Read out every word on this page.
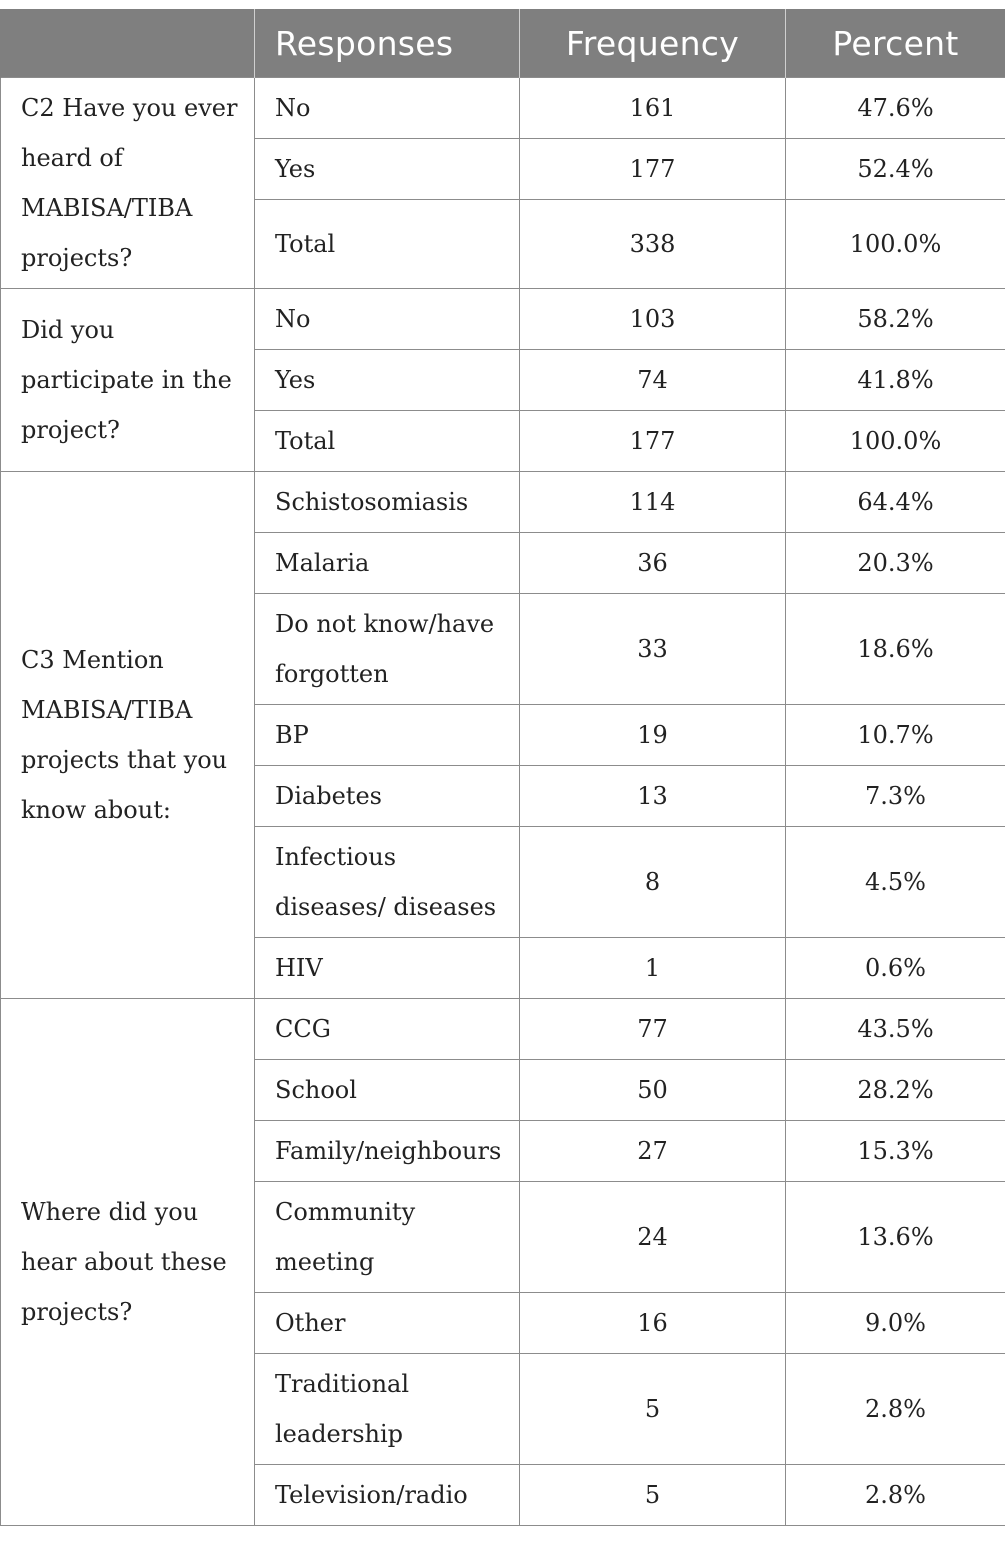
	Responses	Frequency	Percent
C2 Have you ever heard of MABISA/TIBA projects?	No	161	47.6%
	Yes	177	52.4%
	Total	338	100.0%
Did you participate in the project?	No	103	58.2%
	Yes	74	41.8%
	Total	177	100.0%
C3 Mention MABISA/TIBA projects that you know about:	Schistosomiasis	114	64.4%
	Malaria	36	20.3%
	Do not know/have forgotten	33	18.6%
	BP	19	10.7%
	Diabetes	13	7.3%
	Infectious diseases/ diseases	8	4.5%
	HIV	1	0.6%
Where did you hear about these projects?	CCG	77	43.5%
	School	50	28.2%
	Family/neighbours	27	15.3%
	Community meeting	24	13.6%
	Other	16	9.0%
	Traditional leadership	5	2.8%
	Television/radio	5	2.8%
